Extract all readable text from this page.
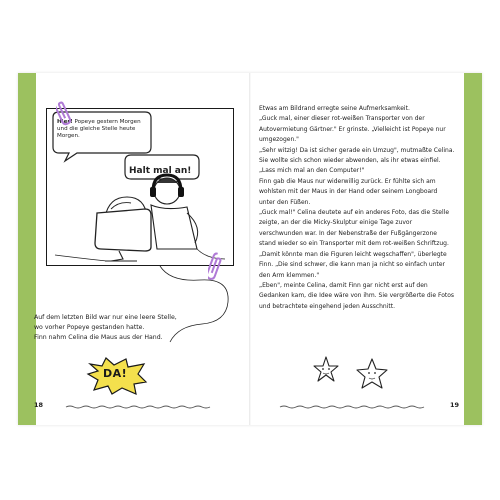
Hier! Popeye gestern Morgen und die gleiche Stelle heute Morgen.
Halt mal an!

Auf dem letzten Bild war nur eine leere Stelle,

wo vorher Popeye gestanden hatte.

Finn nahm Celina die Maus aus der Hand.

DA!

Etwas am Bildrand erregte seine Aufmerksamkeit.

„Guck mal, einer dieser rot-weißen Transporter von der Autovermietung Gärtner." Er grinste. „Vielleicht ist Popeye nur umgezogen."

„Sehr witzig! Da ist sicher gerade ein Umzug", mutmaßte Celina. Sie wollte sich schon wieder abwenden, als ihr etwas einfiel. „Lass mich mal an den Computer!"

Finn gab die Maus nur widerwillig zurück. Er fühlte sich am wohlsten mit der Maus in der Hand oder seinem Longboard unter den Füßen.

„Guck mal!" Celina deutete auf ein anderes Foto, das die Stelle zeigte, an der die Micky-Skulptur einige Tage zuvor verschwunden war. In der Nebenstraße der Fußgängerzone stand wieder so ein Transporter mit dem rot-weißen Schriftzug.

„Damit könnte man die Figuren leicht wegschaffen", überlegte Finn. „Die sind schwer, die kann man ja nicht so einfach unter den Arm klemmen."

„Eben", meinte Celina, damit Finn gar nicht erst auf den Gedanken kam, die Idee wäre von ihm. Sie vergrößerte die Fotos und betrachtete eingehend jeden Ausschnitt.

18	19
